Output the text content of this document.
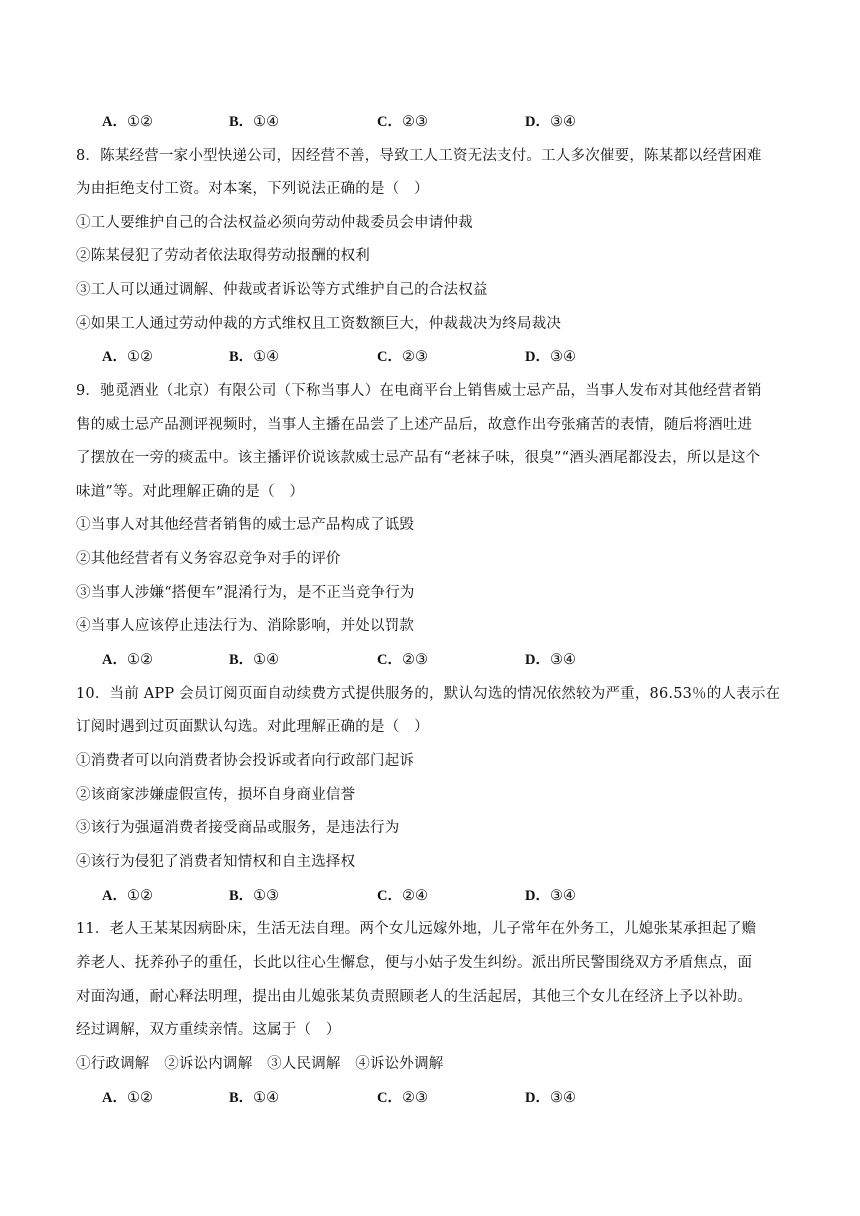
A．①②	B．①④	C．②③	D．③④
8．陈某经营一家小型快递公司，因经营不善，导致工人工资无法支付。工人多次催要，陈某都以经营困难
为由拒绝支付工资。对本案，下列说法正确的是（　）
①工人要维护自己的合法权益必须向劳动仲裁委员会申请仲裁
②陈某侵犯了劳动者依法取得劳动报酬的权利
③工人可以通过调解、仲裁或者诉讼等方式维护自己的合法权益
④如果工人通过劳动仲裁的方式维权且工资数额巨大，仲裁裁决为终局裁决
A．①②	B．①④	C．②③	D．③④
9．驰觅酒业（北京）有限公司（下称当事人）在电商平台上销售威士忌产品，当事人发布对其他经营者销
售的威士忌产品测评视频时，当事人主播在品尝了上述产品后，故意作出夸张痛苦的表情，随后将酒吐进
了摆放在一旁的痰盂中。该主播评价说该款威士忌产品有“老袜子味，很臭”“酒头酒尾都没去，所以是这个
味道”等。对此理解正确的是（　）
①当事人对其他经营者销售的威士忌产品构成了诋毁
②其他经营者有义务容忍竞争对手的评价
③当事人涉嫌“搭便车”混淆行为，是不正当竞争行为
④当事人应该停止违法行为、消除影响，并处以罚款
A．①②	B．①④	C．②③	D．③④
10．当前 APP 会员订阅页面自动续费方式提供服务的，默认勾选的情况依然较为严重，86.53％的人表示在
订阅时遇到过页面默认勾选。对此理解正确的是（　）
①消费者可以向消费者协会投诉或者向行政部门起诉
②该商家涉嫌虚假宣传，损坏自身商业信誉
③该行为强逼消费者接受商品或服务，是违法行为
④该行为侵犯了消费者知情权和自主选择权
A．①②	B．①③	C．②④	D．③④
11．老人王某某因病卧床，生活无法自理。两个女儿远嫁外地，儿子常年在外务工，儿媳张某承担起了赡
养老人、抚养孙子的重任，长此以往心生懈怠，便与小姑子发生纠纷。派出所民警围绕双方矛盾焦点，面
对面沟通，耐心释法明理，提出由儿媳张某负责照顾老人的生活起居，其他三个女儿在经济上予以补助。
经过调解，双方重续亲情。这属于（　）
①行政调解　②诉讼内调解　③人民调解　④诉讼外调解
A．①②	B．①④	C．②③	D．③④
